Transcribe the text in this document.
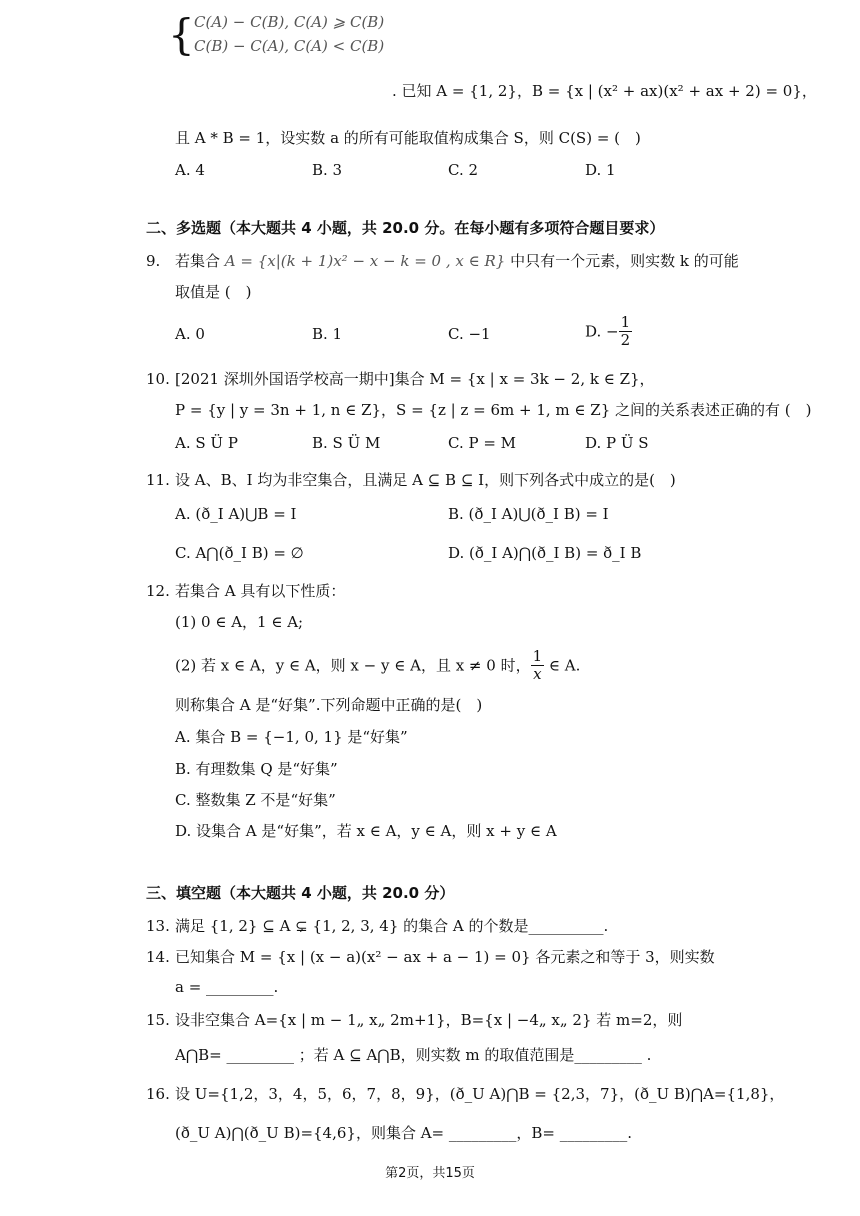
{ C(A) − C(B), C(A) ⩾ C(B)
C(B) − C(A), C(A) < C(B)
. 已知 A = {1, 2}，B = {x | (x² + ax)(x² + ax + 2) = 0}，
且 A * B = 1，设实数 a 的所有可能取值构成集合 S，则 C(S) = (　)
A. 4	B. 3	C. 2	D. 1
二、多选题（本大题共 4 小题，共 20.0 分。在每小题有多项符合题目要求）
9. 若集合 A = {x|(k + 1)x² − x − k = 0 , x ∈ R} 中只有一个元素，则实数 k 的可能
取值是 (　)
A. 0	B. 1	C. −1	D. − $\frac{1}{2}$
10. [2021 深圳外国语学校高一期中]集合 M = {x | x = 3k − 2, k ∈ Z}，
P = {y | y = 3n + 1, n ∈ Z}，S = {z | z = 6m + 1, m ∈ Z} 之间的关系表述正确的有 (　)
A. S Ü P	B. S Ü M	C. P = M	D. P Ü S
11. 设 A、B、I 均为非空集合，且满足 A ⊆ B ⊆ I，则下列各式中成立的是(　)
A. (ð_I A)⋃B = I	B. (ð_I A)⋃(ð_I B) = I
C. A⋂(ð_I B) = ∅	D. (ð_I A)⋂(ð_I B) = ð_I B
12. 若集合 A 具有以下性质：
(1) 0 ∈ A，1 ∈ A;
(2) 若 x ∈ A，y ∈ A，则 x − y ∈ A，且 x ≠ 0 时， $\frac{1}{x}$ ∈ A.
则称集合 A 是“好集”.下列命题中正确的是(　)
A. 集合 B = {−1, 0, 1} 是“好集”
B. 有理数集 Q 是“好集”
C. 整数集 Z 不是“好集”
D. 设集合 A 是“好集”，若 x ∈ A，y ∈ A，则 x + y ∈ A
三、填空题（本大题共 4 小题，共 20.0 分）
13. 满足 {1, 2} ⊆ A ⊊ {1, 2, 3, 4} 的集合 A 的个数是__________.
14. 已知集合 M = {x | (x − a)(x² − ax + a − 1) = 0} 各元素之和等于 3，则实数
a = _________.
15. 设非空集合 A={x | m − 1„ x„ 2m+1}，B={x | −4„ x„ 2} 若 m=2，则
A⋂B= _________ ；若 A ⊆ A⋂B，则实数 m 的取值范围是_________ .
16. 设 U={1,2，3，4，5，6，7，8，9}，(ð_U A)⋂B = {2,3，7}，(ð_U B)⋂A={1,8}，
(ð_U A)⋂(ð_U B)={4,6}，则集合 A= _________，B= _________.
第2页，共15页
